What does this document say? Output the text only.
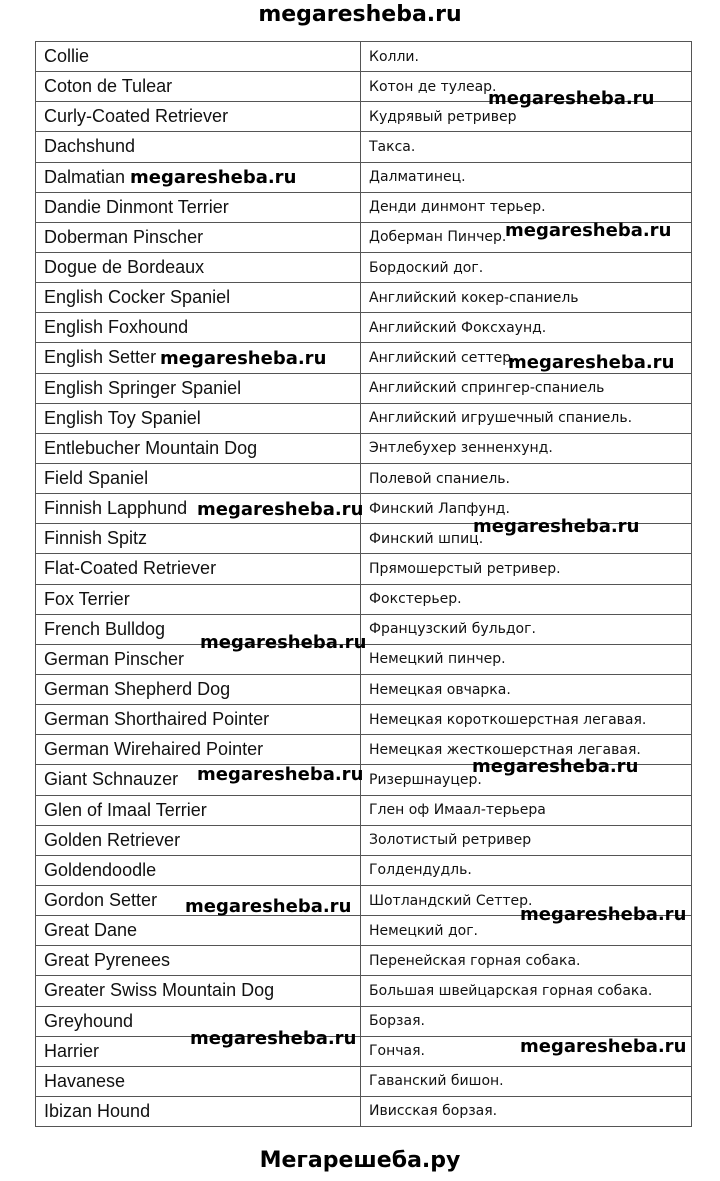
megaresheba.ru
Collie	Колли.
Coton de Tulear	Котон де тулеар.
Curly-Coated Retriever	Кудрявый ретривер
Dachshund	Такса.
Dalmatian	Далматинец.
Dandie Dinmont Terrier	Денди динмонт терьер.
Doberman Pinscher	Доберман Пинчер.
Dogue de Bordeaux	Бордоский дог.
English Cocker Spaniel	Английский кокер-спаниель
English Foxhound	Английский Фоксхаунд.
English Setter	Английский сеттер.
English Springer Spaniel	Английский спрингер-спаниель
English Toy Spaniel	Английский игрушечный спаниель.
Entlebucher Mountain Dog	Энтлебухер зенненхунд.
Field Spaniel	Полевой спаниель.
Finnish Lapphund	Финский Лапфунд.
Finnish Spitz	Финский шпиц.
Flat-Coated Retriever	Прямошерстый ретривер.
Fox Terrier	Фокстерьер.
French Bulldog	Французский бульдог.
German Pinscher	Немецкий пинчер.
German Shepherd Dog	Немецкая овчарка.
German Shorthaired Pointer	Немецкая короткошерстная легавая.
German Wirehaired Pointer	Немецкая жесткошерстная легавая.
Giant Schnauzer	Ризершнауцер.
Glen of Imaal Terrier	Глен оф Имаал-терьера
Golden Retriever	Золотистый ретривер
Goldendoodle	Голдендудль.
Gordon Setter	Шотландский Сеттер.
Great Dane	Немецкий дог.
Great Pyrenees	Перенейская горная собака.
Greater Swiss Mountain Dog	Большая швейцарская горная собака.
Greyhound	Борзая.
Harrier	Гончая.
Havanese	Гаванский бишон.
Ibizan Hound	Ивисская борзая.
megaresheba.ru
megaresheba.ru
megaresheba.ru
megaresheba.ru	megaresheba.ru
megaresheba.ru
megaresheba.ru
megaresheba.ru
megaresheba.ru	megaresheba.ru
megaresheba.ru	megaresheba.ru
megaresheba.ru	megaresheba.ru
Мегарешеба.ру
